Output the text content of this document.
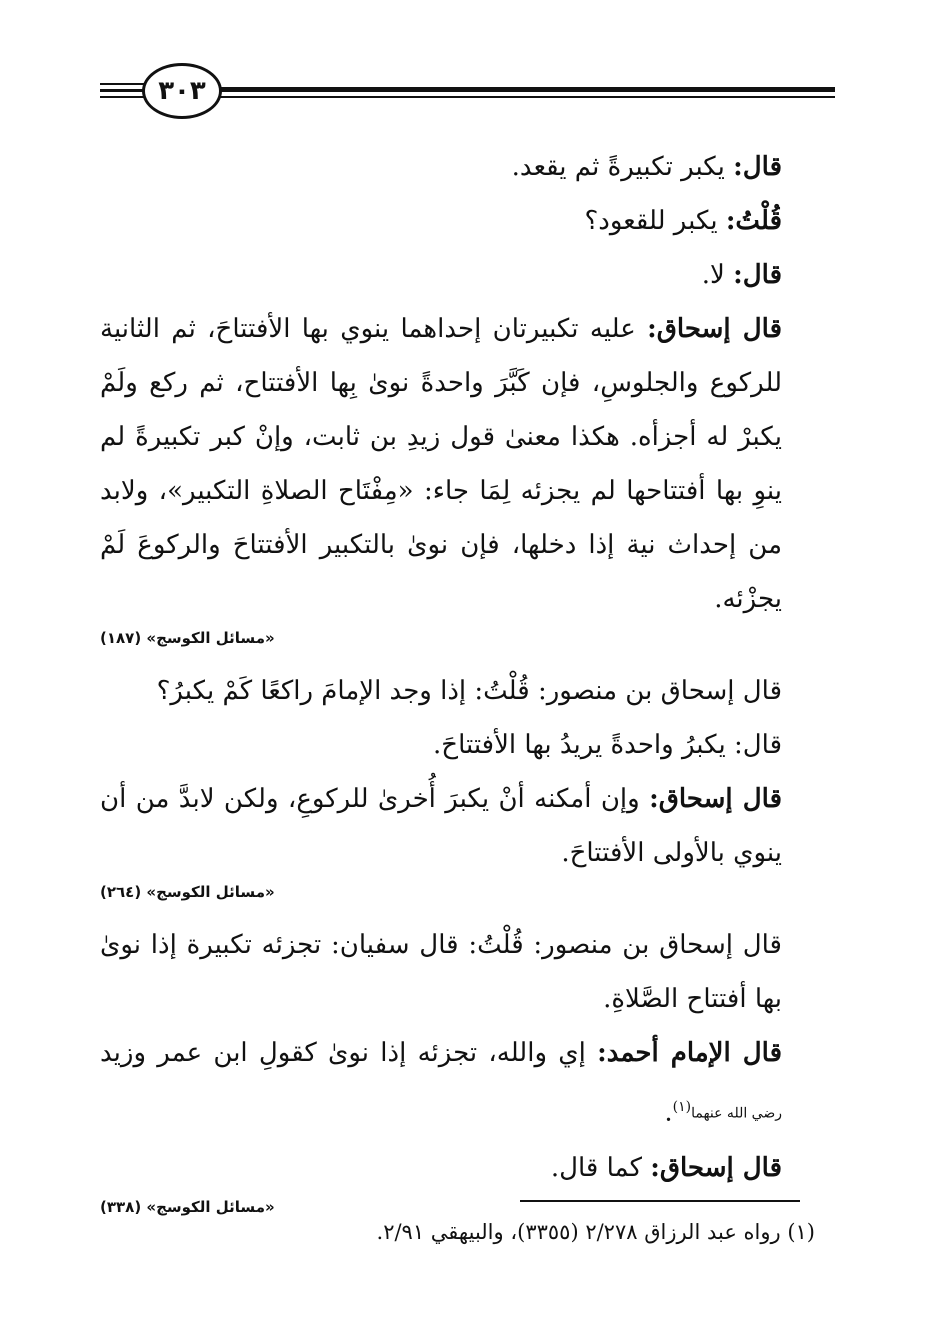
٣٠٣

قال: يكبر تكبيرةً ثم يقعد.

قُلْتُ: يكبر للقعود؟

قال: لا.

قال إسحاق: عليه تكبيرتان إحداهما ينوي بها الأفتتاحَ، ثم الثانية للركوع والجلوسِ، فإن كَبَّرَ واحدةً نوىٰ بِها الأفتتاح، ثم ركع ولَمْ يكبرْ له أجزأه. هكذا معنىٰ قول زيدِ بن ثابت، وإنْ كبر تكبيرةً لم ينوِ بها أفتتاحها لم يجزئه لِمَا جاء: «مِفْتَاح الصلاةِ التكبير»، ولابد من إحداث نية إذا دخلها، فإن نوىٰ بالتكبير الأفتتاحَ والركوعَ لَمْ يجزْئه.

«مسائل الكوسج» (١٨٧)

قال إسحاق بن منصور: قُلْتُ: إذا وجد الإمامَ راكعًا كَمْ يكبرُ؟

قال: يكبرُ واحدةً يريدُ بها الأفتتاحَ.

قال إسحاق: وإن أمكنه أنْ يكبرَ أُخرىٰ للركوعِ، ولكن لابدَّ من أن ينوي بالأولى الأفتتاحَ.

«مسائل الكوسج» (٢٦٤)

قال إسحاق بن منصور: قُلْتُ: قال سفيان: تجزئه تكبيرة إذا نوىٰ بها أفتتاح الصَّلاةِ.

قال الإمام أحمد: إي والله، تجزئه إذا نوىٰ كقولِ ابن عمر وزيد رضي الله عنهما$^{(١)}$.

قال إسحاق: كما قال.

«مسائل الكوسج» (٣٣٨)

(١) رواه عبد الرزاق ٢/٢٧٨ (٣٣٥٥)، والبيهقي ٢/٩١.
